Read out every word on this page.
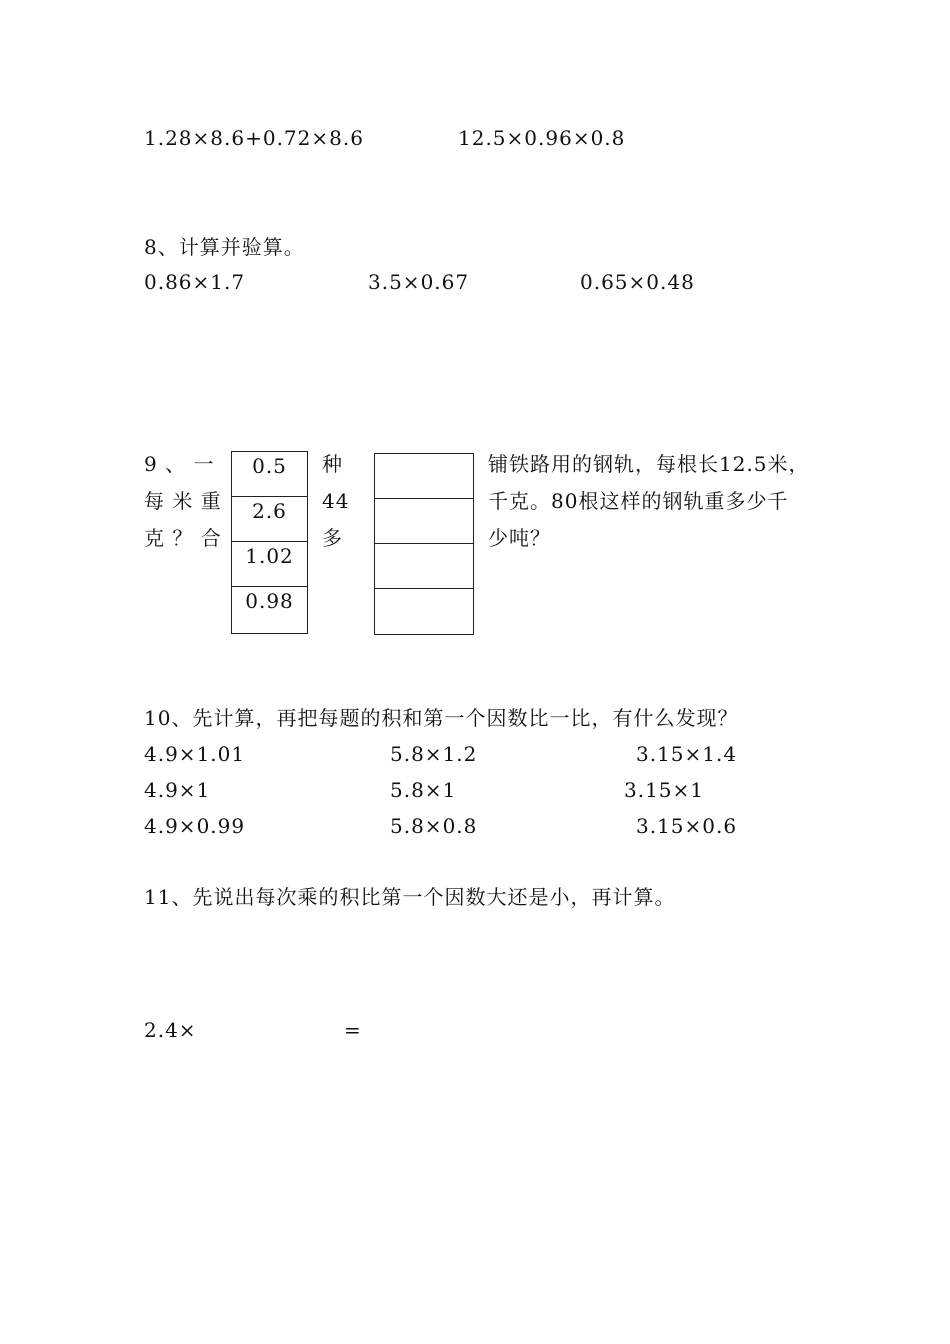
1.28×8.6+0.72×8.6	12.5×0.96×0.8
8、计算并验算。
0.86×1.7	3.5×0.67	0.65×0.48
9 、 一
每 米 重
克 ？ 合
0.5
2.6
1.02
0.98
种
44
多
铺铁路用的钢轨，每根长12.5米，
千克。80根这样的钢轨重多少千
少吨？
10、先计算，再把每题的积和第一个因数比一比，有什么发现？
4.9×1.01	5.8×1.2	3.15×1.4
4.9×1	5.8×1	3.15×1
4.9×0.99	5.8×0.8	3.15×0.6
11、先说出每次乘的积比第一个因数大还是小，再计算。
2.4×	=
